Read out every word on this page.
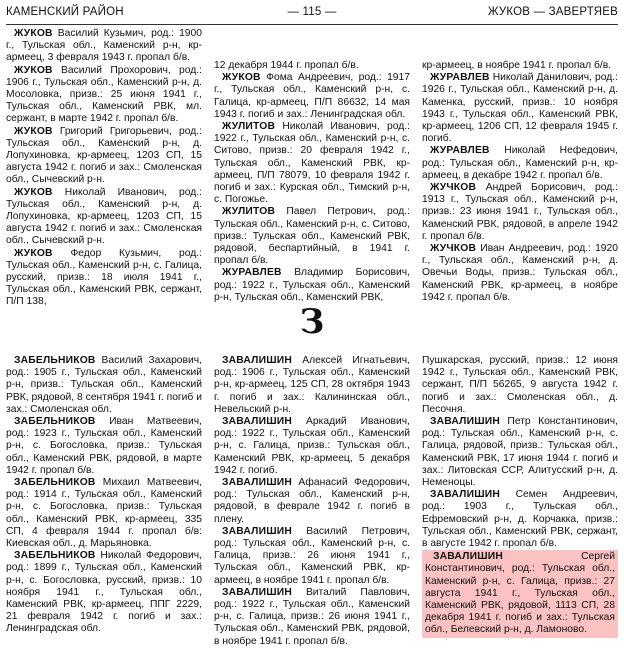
КАМЕНСКИЙ РАЙОН	— 115 —	ЖУКОВ — ЗАВЕРТЯЕВ

ЖУКОВ Василий Кузьмич, род.: 1900 г., Тульская обл., Каменский р-н, кр-армеец, 3 февраля 1943 г. пропал б/в.

ЖУКОВ Василий Прохорович, род.: 1906 г., Тульская обл., Каменский р-н, д. Мосоловка, призв.: 25 июня 1941 г., Тульская обл., Каменский РВК, мл. сержант, в марте 1942 г. пропал б/в.

ЖУКОВ Григорий Григорьевич, род.: Тульская обл., Каменский р-н, д. Лопухиновка, кр-армеец, 1203 СП, 15 августа 1942 г. погиб и зах.: Смоленская обл., Сычевский р-н.

ЖУКОВ Николай Иванович, род.: Тульская обл., Каменский р-н, д. Лопухиновка, кр-армеец, 1203 СП, 15 августа 1942 г. погиб и зах.: Смоленская обл., Сычевский р-н.

ЖУКОВ Федор Кузьмич, род.: Тульская обл., Каменский р-н, с. Галица, русский, призв.: 18 июля 1941 г., Тульская обл., Каменский РВК, сержант, П/П 138,

12 декабря 1944 г. пропал б/в.

ЖУКОВ Фома Андреевич, род.: 1917 г., Тульская обл., Каменский р-н, с. Галица, кр-армеец, П/П 86632, 14 мая 1943 г. погиб и зах.: Ленинградская обл.

ЖУЛИТОВ Николай Иванович, род.: 1922 г., Тульская обл., Каменский р-н, с. Ситово, призв.: 20 февраля 1942 г., Тульская обл., Каменский РВК, кр-армеец, П/П 78079, 10 февраля 1942 г. погиб и зах.: Курская обл., Тимский р-н, с. Погожье.

ЖУЛИТОВ Павел Петрович, род.: Тульская обл., Каменский р-н, с. Ситово, призв.: Тульская обл., Каменский РВК, рядовой, беспартийный, в 1941 г. пропал б/в.

ЖУРАВЛЕВ Владимир Борисович, род.: 1922 г., Тульская обл., Каменский р-н, Тульская обл., Каменский РВК,

кр-армеец, в ноябре 1941 г. пропал б/в.

ЖУРАВЛЕВ Николай Данилович, род.: 1926 г., Тульская обл., Каменский р-н, д. Каменка, русский, призв.: 10 ноября 1943 г., Тульская обл., Каменский РВК, кр-армеец, 1206 СП, 12 февраля 1945 г. погиб.

ЖУРАВЛЕВ Николай Нефедович, род.: Тульская обл., Каменский р-н, кр-армеец, в декабре 1942 г. пропал б/в.

ЖУЧКОВ Андрей Борисович, род.: 1913 г., Тульская обл., Каменский р-н, призв.: 23 июня 1941 г., Тульская обл., Каменский РВК, рядовой, в апреле 1942 г. пропал б/в.

ЖУЧКОВ Иван Андреевич, род.: 1920 г., Тульская обл., Каменский р-н, д. Овечьи Воды, призв.: Тульская обл., Каменский РВК, кр-армеец, в ноябре 1942 г. пропал б/в.

З

ЗАБЕЛЬНИКОВ Василий Захарович, род.: 1905 г., Тульская обл., Каменский р-н, призв.: Тульская обл., Каменский РВК, рядовой, 8 сентября 1941 г. погиб и зах.: Смоленская обл.

ЗАБЕЛЬНИКОВ Иван Матвеевич, род.: 1923 г., Тульская обл., Каменский р-н, с. Богословка, призв.: Тульская обл., Каменский РВК, рядовой, в марте 1942 г. пропал б/в.

ЗАБЕЛЬНИКОВ Михаил Матвеевич, род.: 1914 г., Тульская обл., Каменский р-н, с. Богословка, призв.: Тульская обл., Каменский РВК, кр-армеец, 335 СП, 4 февраля 1944 г. пропал б/в: Киевская обл., д. Марьяновка.

ЗАБЕЛЬНИКОВ Николай Федорович, род.: 1899 г., Тульская обл., Каменский р-н, с. Богословка, русский, призв.: 10 ноября 1941 г., Тульская обл., Каменский РВК, кр-армеец, ППГ 2229, 21 февраля 1942 г. погиб и зах.: Ленинградская обл.

ЗАВАЛИШИН Алексей Игнатьевич, род.: 1906 г., Тульская обл., Каменский р-н, кр-армеец, 125 СП, 28 октября 1943 г. погиб и зах.: Калининская обл., Невельский р-н.

ЗАВАЛИШИН Аркадий Иванович, род.: 1922 г., Тульская обл., Каменский р-н, с. Галица, призв.: Тульская обл., Каменский РВК, кр-армеец, 5 декабря 1942 г. погиб.

ЗАВАЛИШИН Афанасий Федорович, род.: Тульская обл., Каменский р-н, рядовой, в феврале 1942 г. погиб в плену.

ЗАВАЛИШИН Василий Петрович, род.: Тульская обл., Каменский р-н, с. Галица, призв.: 26 июня 1941 г., Тульская обл., Каменский РВК, кр-армеец, в ноябре 1941 г. пропал б/в.

ЗАВАЛИШИН Виталий Павлович, род.: 1922 г., Тульская обл., Каменский р-н, с. Галица, призв.: 26 июня 1941 г., Тульская обл., Каменский РВК, рядовой, в ноябре 1941 г. пропал б/в.

Пушкарская, русский, призв.: 12 июня 1942 г., Тульская обл., Каменский РВК, сержант, П/П 56265, 9 августа 1942 г. погиб и зах.: Смоленская обл., д. Песочня.

ЗАВАЛИШИН Петр Константинович, род.: Тульская обл., Каменский р-н, с. Галица, рядовой, призв.: Тульская обл., Каменский РВК, 17 июня 1944 г. погиб и зах.: Литовская ССР, Алитусский р-н, д. Неменоцы.

ЗАВАЛИШИН Семен Андреевич, род.: 1903 г., Тульская обл., Ефремовский р-н, д. Корчакка, призв.: Тульская обл., Каменский РВК, сержант, в августе 1942 г. пропал б/в.

ЗАВАЛИШИН	Сергей Константинович, род.: Тульская обл., Каменский р-н, с. Галица, призв.: 27 августа 1941 г., Тульская обл., Каменский РВК, рядовой, 1113 СП, 28 декабря 1941 г. погиб и зах.: Тульская обл., Белевский р-н, д. Ламоново.
